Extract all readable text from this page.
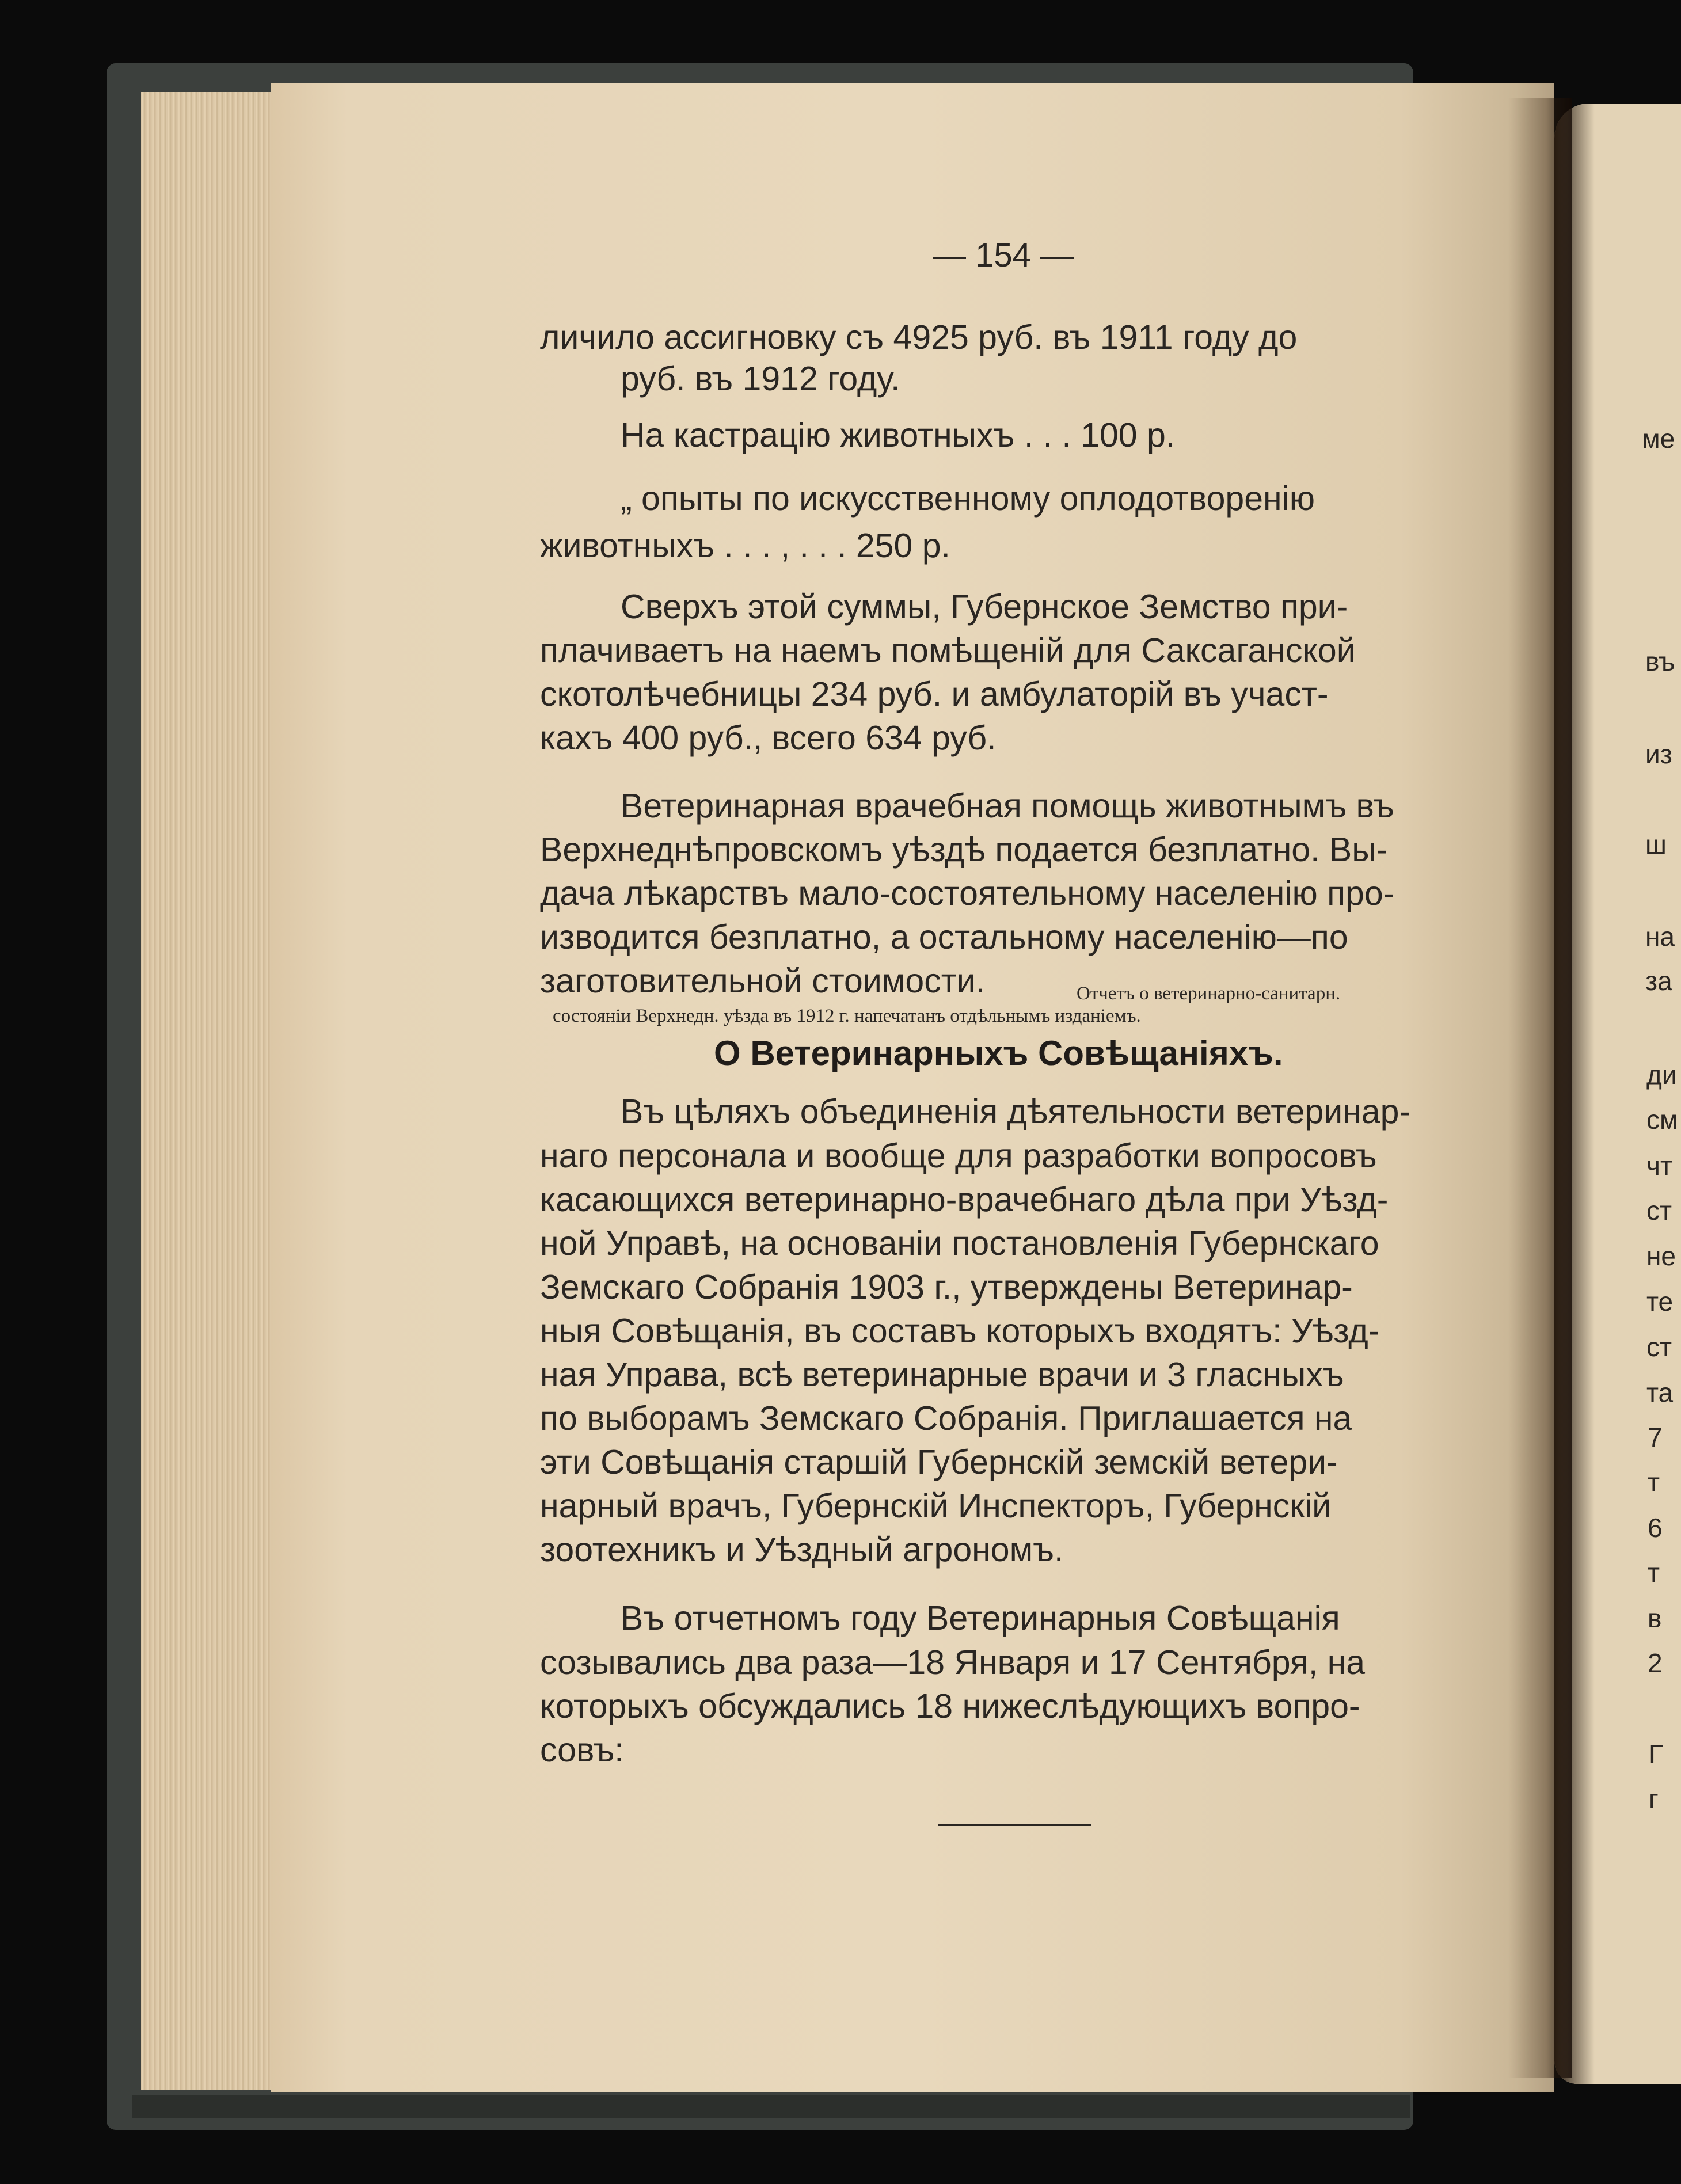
ме
въ
из
ш
на
за
ди
см
чт
ст
не
те
ст
та
7
т
6
т
в
2
Г
г
— 154 —
личило ассигновку съ 4925 руб. въ 1911 году до
руб. въ 1912 году.
На кастрацію животныхъ . . . 100 р.
„ опыты по искусственному оплодотворенію
животныхъ . . . , . . . 250 р.
Сверхъ этой суммы, Губернское Земство при-
плачиваетъ на наемъ помѣщеній для Саксаганской
скотолѣчебницы 234 руб. и амбулаторій въ участ-
кахъ 400 руб., всего 634 руб.
Ветеринарная врачебная помощь животнымъ въ
Верхнеднѣпровскомъ уѣздѣ подается безплатно. Вы-
дача лѣкарствъ мало-состоятельному населенію про-
изводится безплатно, а остальному населенію—по
заготовительной стоимости.	Отчетъ о ветеринарно-санитарн.
состояніи Верхнедн. уѣзда въ 1912 г. напечатанъ отдѣльнымъ изданіемъ.
О Ветеринарныхъ Совѣщаніяхъ.
Въ цѣляхъ объединенія дѣятельности ветеринар-
наго персонала и вообще для разработки вопросовъ
касающихся ветеринарно-врачебнаго дѣла при Уѣзд-
ной Управѣ, на основаніи постановленія Губернскаго
Земскаго Собранія 1903 г., утверждены Ветеринар-
ныя Совѣщанія, въ составъ которыхъ входятъ: Уѣзд-
ная Управа, всѣ ветеринарные врачи и 3 гласныхъ
по выборамъ Земскаго Собранія. Приглашается на
эти Совѣщанія старшій Губернскій земскій ветери-
нарный врачъ, Губернскій Инспекторъ, Губернскій
зоотехникъ и Уѣздный агрономъ.
Въ отчетномъ году Ветеринарныя Совѣщанія
созывались два раза—18 Января и 17 Сентября, на
которыхъ обсуждались 18 нижеслѣдующихъ вопро-
совъ:
